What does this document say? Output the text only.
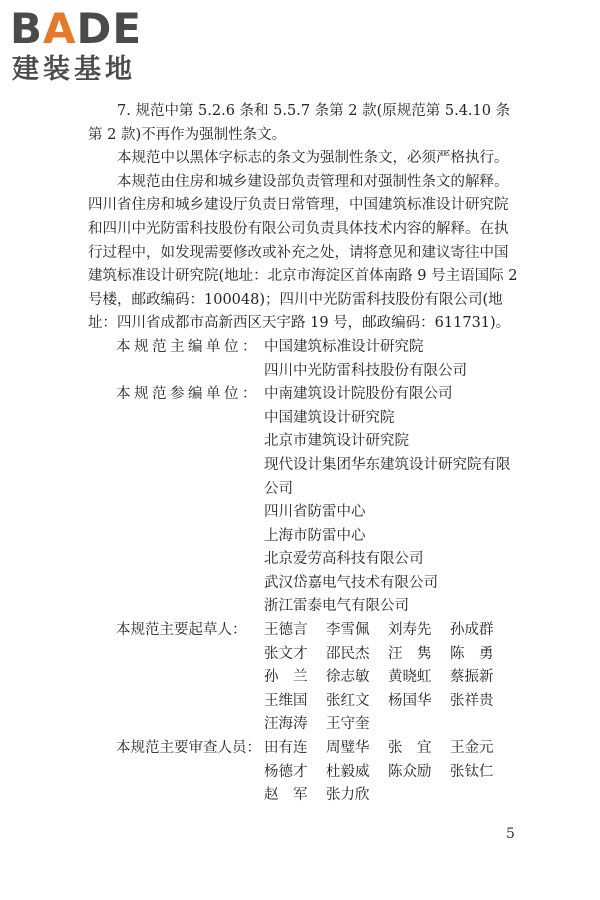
BADE
建装基地

7. 规范中第 5.2.6 条和 5.5.7 条第 2 款(原规范第 5.4.10 条第 2 款)不再作为强制性条文。

本规范中以黑体字标志的条文为强制性条文，必须严格执行。

本规范由住房和城乡建设部负责管理和对强制性条文的解释。四川省住房和城乡建设厅负责日常管理，中国建筑标准设计研究院和四川中光防雷科技股份有限公司负责具体技术内容的解释。在执行过程中，如发现需要修改或补充之处，请将意见和建议寄往中国建筑标准设计研究院(地址：北京市海淀区首体南路 9 号主语国际 2 号楼，邮政编码：100048)；四川中光防雷科技股份有限公司(地址：四川省成都市高新西区天宇路 19 号，邮政编码：611731)。

本规范主编单位： 中国建筑标准设计研究院
四川中光防雷科技股份有限公司
本规范参编单位： 中南建筑设计院股份有限公司
中国建筑设计研究院
北京市建筑设计研究院
现代设计集团华东建筑设计研究院有限公司
四川省防雷中心
上海市防雷中心
北京爱劳高科技有限公司
武汉岱嘉电气技术有限公司
浙江雷泰电气有限公司
本规范主要起草人：	王德言	李雪佩	刘寿先	孙成群
张文才	邵民杰	汪　隽	陈　勇
孙　兰	徐志敏	黄晓虹	蔡振新
王维国	张红文	杨国华	张祥贵
汪海涛	王守奎
本规范主要审查人员： 田有连	周璧华	张　宜	王金元
杨德才	杜毅威	陈众励	张钛仁
赵　军	张力欣
5
